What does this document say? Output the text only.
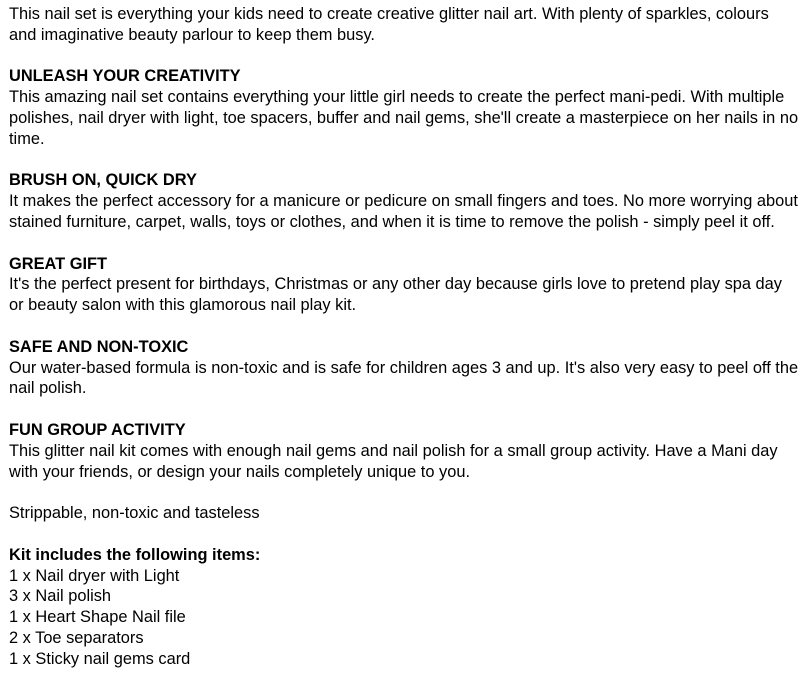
This nail set is everything your kids need to create creative glitter nail art. With plenty of sparkles, colours and imaginative beauty parlour to keep them busy.

UNLEASH YOUR CREATIVITY
This amazing nail set contains everything your little girl needs to create the perfect mani-pedi. With multiple polishes, nail dryer with light, toe spacers, buffer and nail gems, she'll create a masterpiece on her nails in no time.
BRUSH ON, QUICK DRY
It makes the perfect accessory for a manicure or pedicure on small fingers and toes. No more worrying about stained furniture, carpet, walls, toys or clothes, and when it is time to remove the polish - simply peel it off.
GREAT GIFT
It's the perfect present for birthdays, Christmas or any other day because girls love to pretend play spa day or beauty salon with this glamorous nail play kit.
SAFE AND NON-TOXIC
Our water-based formula is non-toxic and is safe for children ages 3 and up. It's also very easy to peel off the nail polish.
FUN GROUP ACTIVITY
This glitter nail kit comes with enough nail gems and nail polish for a small group activity. Have a Mani day with your friends, or design your nails completely unique to you.

Strippable, non-toxic and tasteless

Kit includes the following items:
1 x Nail dryer with Light
3 x Nail polish
1 x Heart Shape Nail file
2 x Toe separators
1 x Sticky nail gems card
